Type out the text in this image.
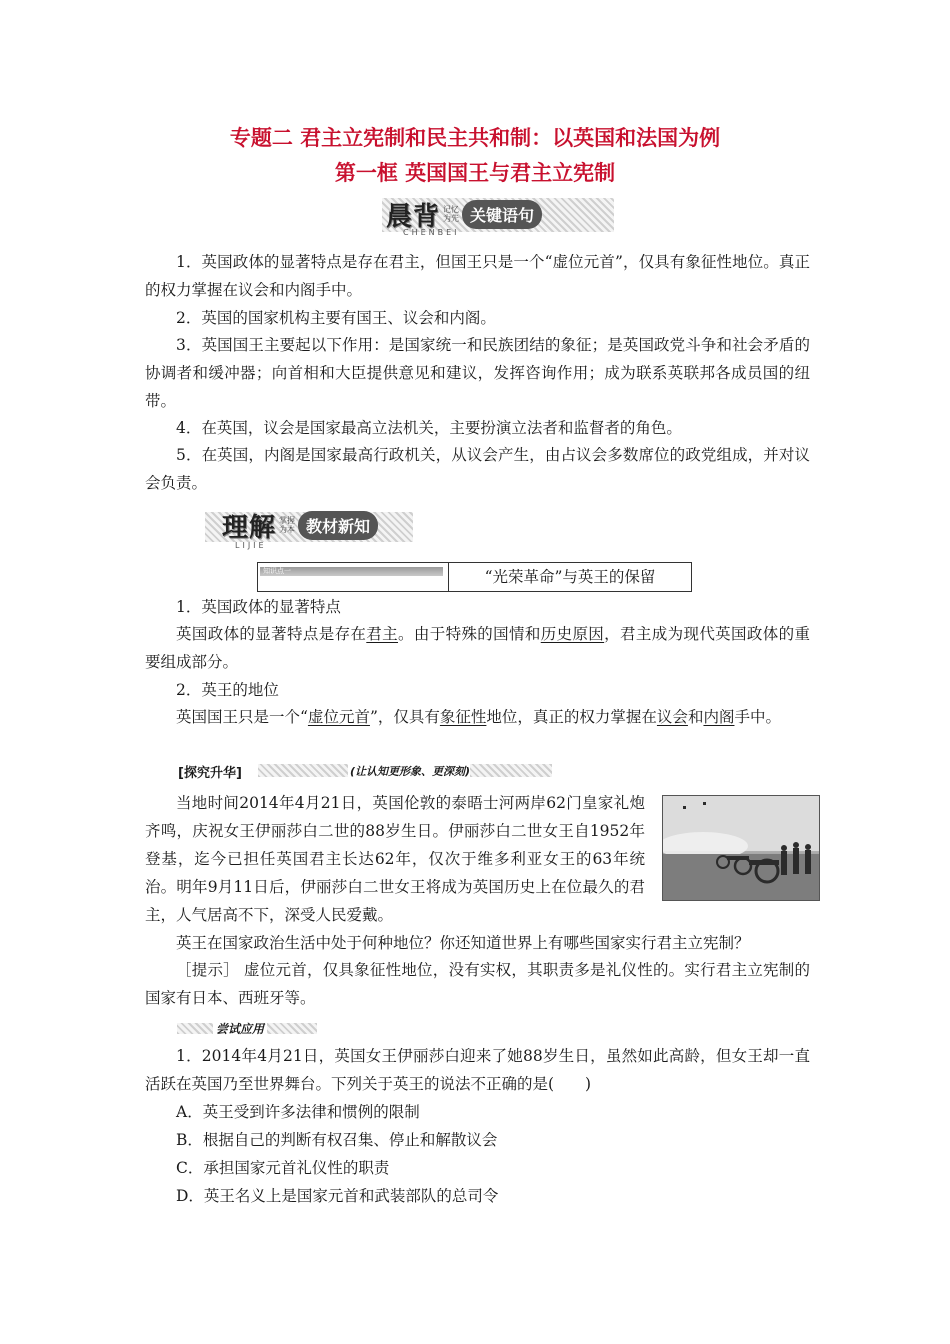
专题二 君主立宪制和民主共和制：以英国和法国为例
第一框 英国国王与君主立宪制
晨背 记忆
为先 关键语句
CHENBEI
1．英国政体的显著特点是存在君主，但国王只是一个“虚位元首”，仅具有象征性地位。真正的权力掌握在议会和内阁手中。
2．英国的国家机构主要有国王、议会和内阁。
3．英国国王主要起以下作用：是国家统一和民族团结的象征；是英国政党斗争和社会矛盾的协调者和缓冲器；向首相和大臣提供意见和建议，发挥咨询作用；成为联系英联邦各成员国的纽带。
4．在英国，议会是国家最高立法机关，主要扮演立法者和监督者的角色。
5．在英国，内阁是国家最高行政机关，从议会产生，由占议会多数席位的政党组成，并对议会负责。
理解 掌握
为本 教材新知
LIJIE
知识点一	“光荣革命”与英王的保留
1．英国政体的显著特点
英国政体的显著特点是存在君主。由于特殊的国情和历史原因，君主成为现代英国政体的重要组成部分。
2．英王的地位
英国国王只是一个“虚位元首”，仅具有象征性地位，真正的权力掌握在议会和内阁手中。
[探究升华]	(让认知更形象、更深刻)
当地时间2014年4月21日，英国伦敦的泰晤士河两岸62门皇家礼炮齐鸣，庆祝女王伊丽莎白二世的88岁生日。伊丽莎白二世女王自1952年登基，迄今已担任英国君主长达62年，仅次于维多利亚女王的63年统治。明年9月11日后，伊丽莎白二世女王将成为英国历史上在位最久的君主，人气居高不下，深受人民爱戴。
英王在国家政治生活中处于何种地位？你还知道世界上有哪些国家实行君主立宪制？
［提示］ 虚位元首，仅具象征性地位，没有实权，其职责多是礼仪性的。实行君主立宪制的国家有日本、西班牙等。
尝试应用
1．2014年4月21日，英国女王伊丽莎白迎来了她88岁生日，虽然如此高龄，但女王却一直活跃在英国乃至世界舞台。下列关于英王的说法不正确的是(　　)
A．英王受到许多法律和惯例的限制
B．根据自己的判断有权召集、停止和解散议会
C．承担国家元首礼仪性的职责
D．英王名义上是国家元首和武装部队的总司令
